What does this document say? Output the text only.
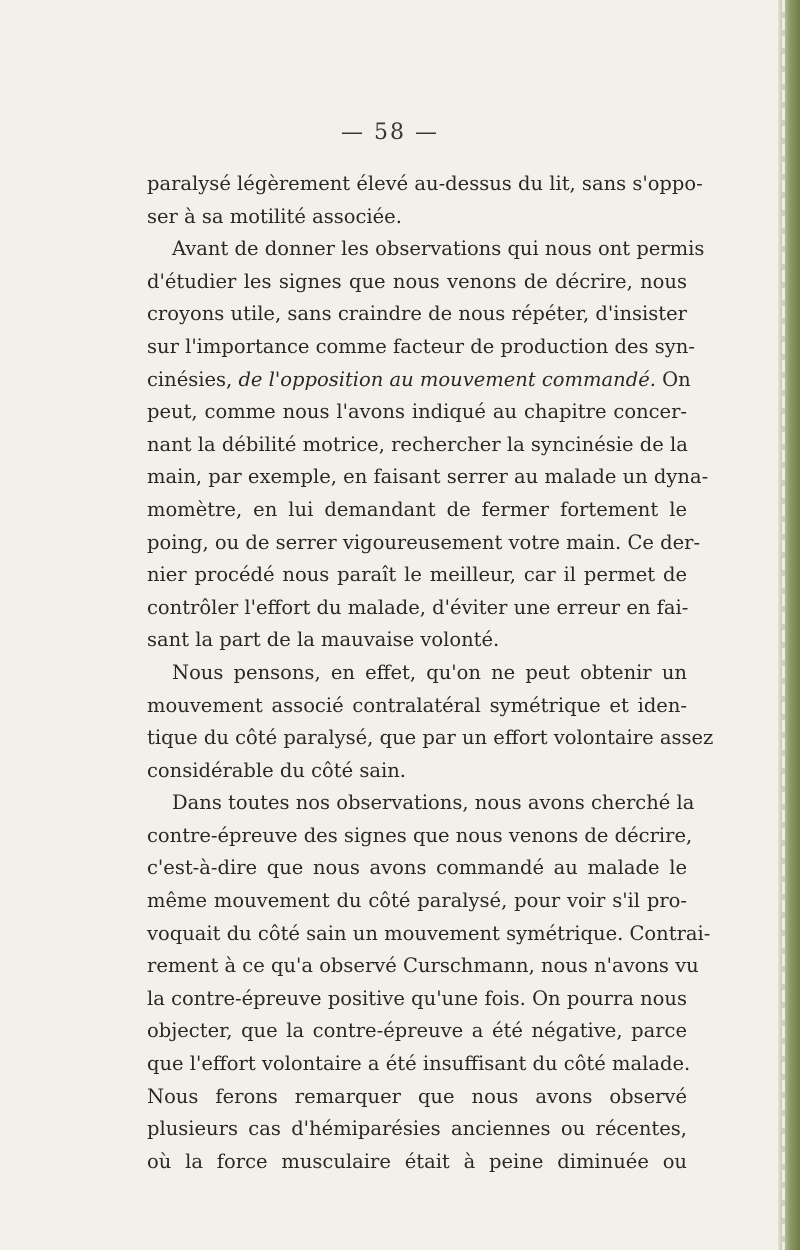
— 58 —
paralysé légèrement élevé au-dessus du lit, sans s'oppo-
ser à sa motilité associée.
Avant de donner les observations qui nous ont permis
d'étudier les signes que nous venons de décrire, nous
croyons utile, sans craindre de nous répéter, d'insister
sur l'importance comme facteur de production des syn-
cinésies, de l'opposition au mouvement commandé. On
peut, comme nous l'avons indiqué au chapitre concer-
nant la débilité motrice, rechercher la syncinésie de la
main, par exemple, en faisant serrer au malade un dyna-
momètre, en lui demandant de fermer fortement le
poing, ou de serrer vigoureusement votre main. Ce der-
nier procédé nous paraît le meilleur, car il permet de
contrôler l'effort du malade, d'éviter une erreur en fai-
sant la part de la mauvaise volonté.
Nous pensons, en effet, qu'on ne peut obtenir un
mouvement associé contralatéral symétrique et iden-
tique du côté paralysé, que par un effort volontaire assez
considérable du côté sain.
Dans toutes nos observations, nous avons cherché la
contre-épreuve des signes que nous venons de décrire,
c'est-à-dire que nous avons commandé au malade le
même mouvement du côté paralysé, pour voir s'il pro-
voquait du côté sain un mouvement symétrique. Contrai-
rement à ce qu'a observé Curschmann, nous n'avons vu
la contre-épreuve positive qu'une fois. On pourra nous
objecter, que la contre-épreuve a été négative, parce
que l'effort volontaire a été insuffisant du côté malade.
Nous ferons remarquer que nous avons observé
plusieurs cas d'hémiparésies anciennes ou récentes,
où la force musculaire était à peine diminuée ou
